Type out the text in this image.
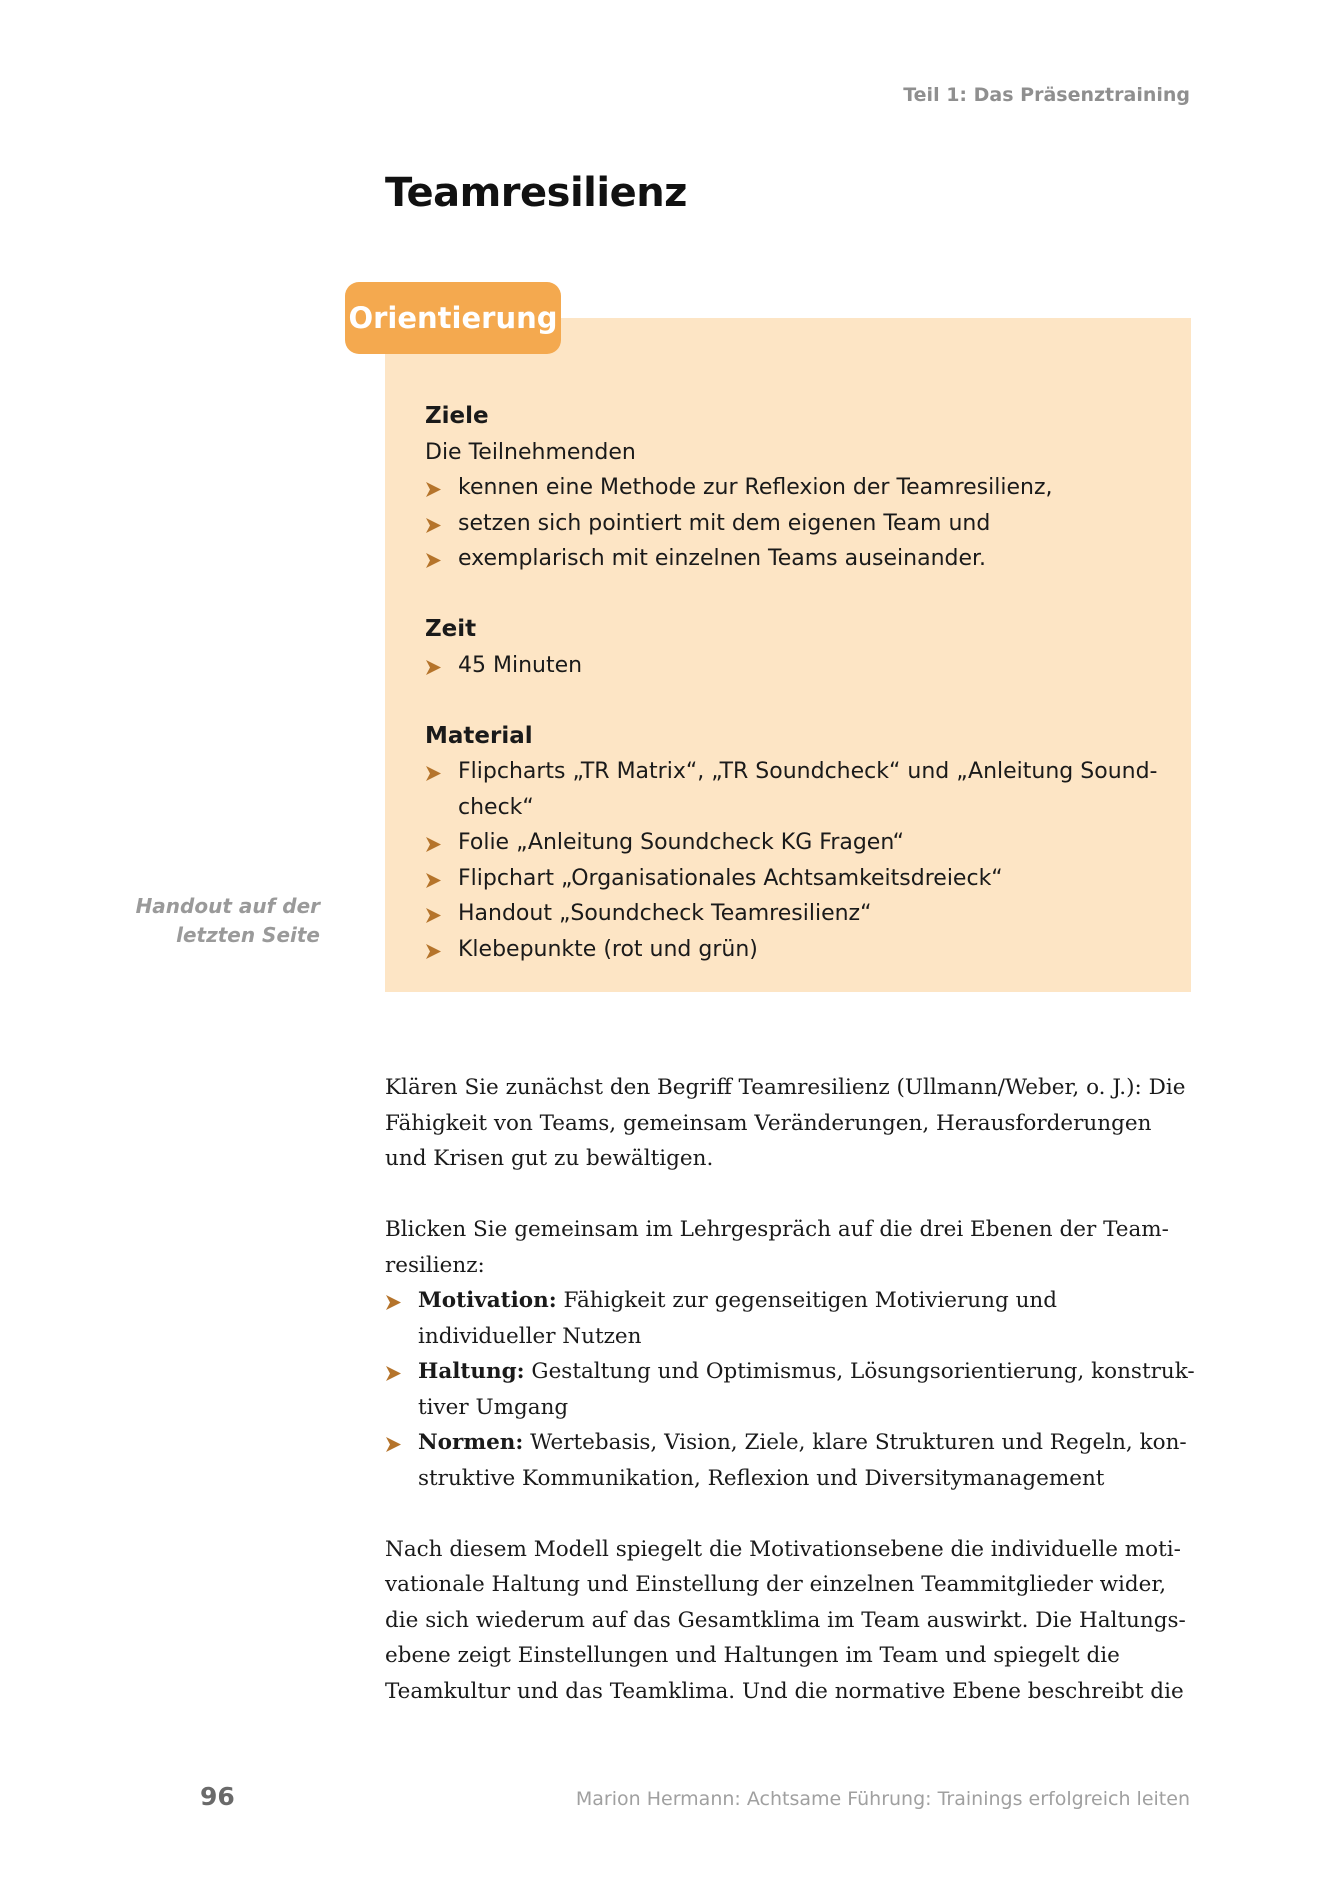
Teil 1: Das Präsenztraining
Teamresilienz
Orientierung
Ziele

Die Teilnehmenden

kennen eine Methode zur Reflexion der Teamresilienz,
setzen sich pointiert mit dem eigenen Team und
exemplarisch mit einzelnen Teams auseinander.
Zeit
45 Minuten
Material
Flipcharts „TR Matrix“, „TR Soundcheck“ und „Anleitung Sound-check“
Folie „Anleitung Soundcheck KG Fragen“
Flipchart „Organisationales Achtsamkeitsdreieck“
Handout „Soundcheck Teamresilienz“
Klebepunkte (rot und grün)
Handout auf der
letzten Seite

Klären Sie zunächst den Begriff Teamresilienz (Ullmann/Weber, o. J.): Die Fähigkeit von Teams, gemeinsam Veränderungen, Herausforderungen und Krisen gut zu bewältigen.

Blicken Sie gemeinsam im Lehrgespräch auf die drei Ebenen der Team-resilienz:

Motivation: Fähigkeit zur gegenseitigen Motivierung und individueller Nutzen
Haltung: Gestaltung und Optimismus, Lösungsorientierung, konstruk-tiver Umgang
Normen: Wertebasis, Vision, Ziele, klare Strukturen und Regeln, kon-struktive Kommunikation, Reflexion und Diversitymanagement

Nach diesem Modell spiegelt die Motivationsebene die individuelle moti-vationale Haltung und Einstellung der einzelnen Teammitglieder wider, die sich wiederum auf das Gesamtklima im Team auswirkt. Die Haltungs-ebene zeigt Einstellungen und Haltungen im Team und spiegelt die Teamkultur und das Teamklima. Und die normative Ebene beschreibt die

96	Marion Hermann: Achtsame Führung: Trainings erfolgreich leiten
